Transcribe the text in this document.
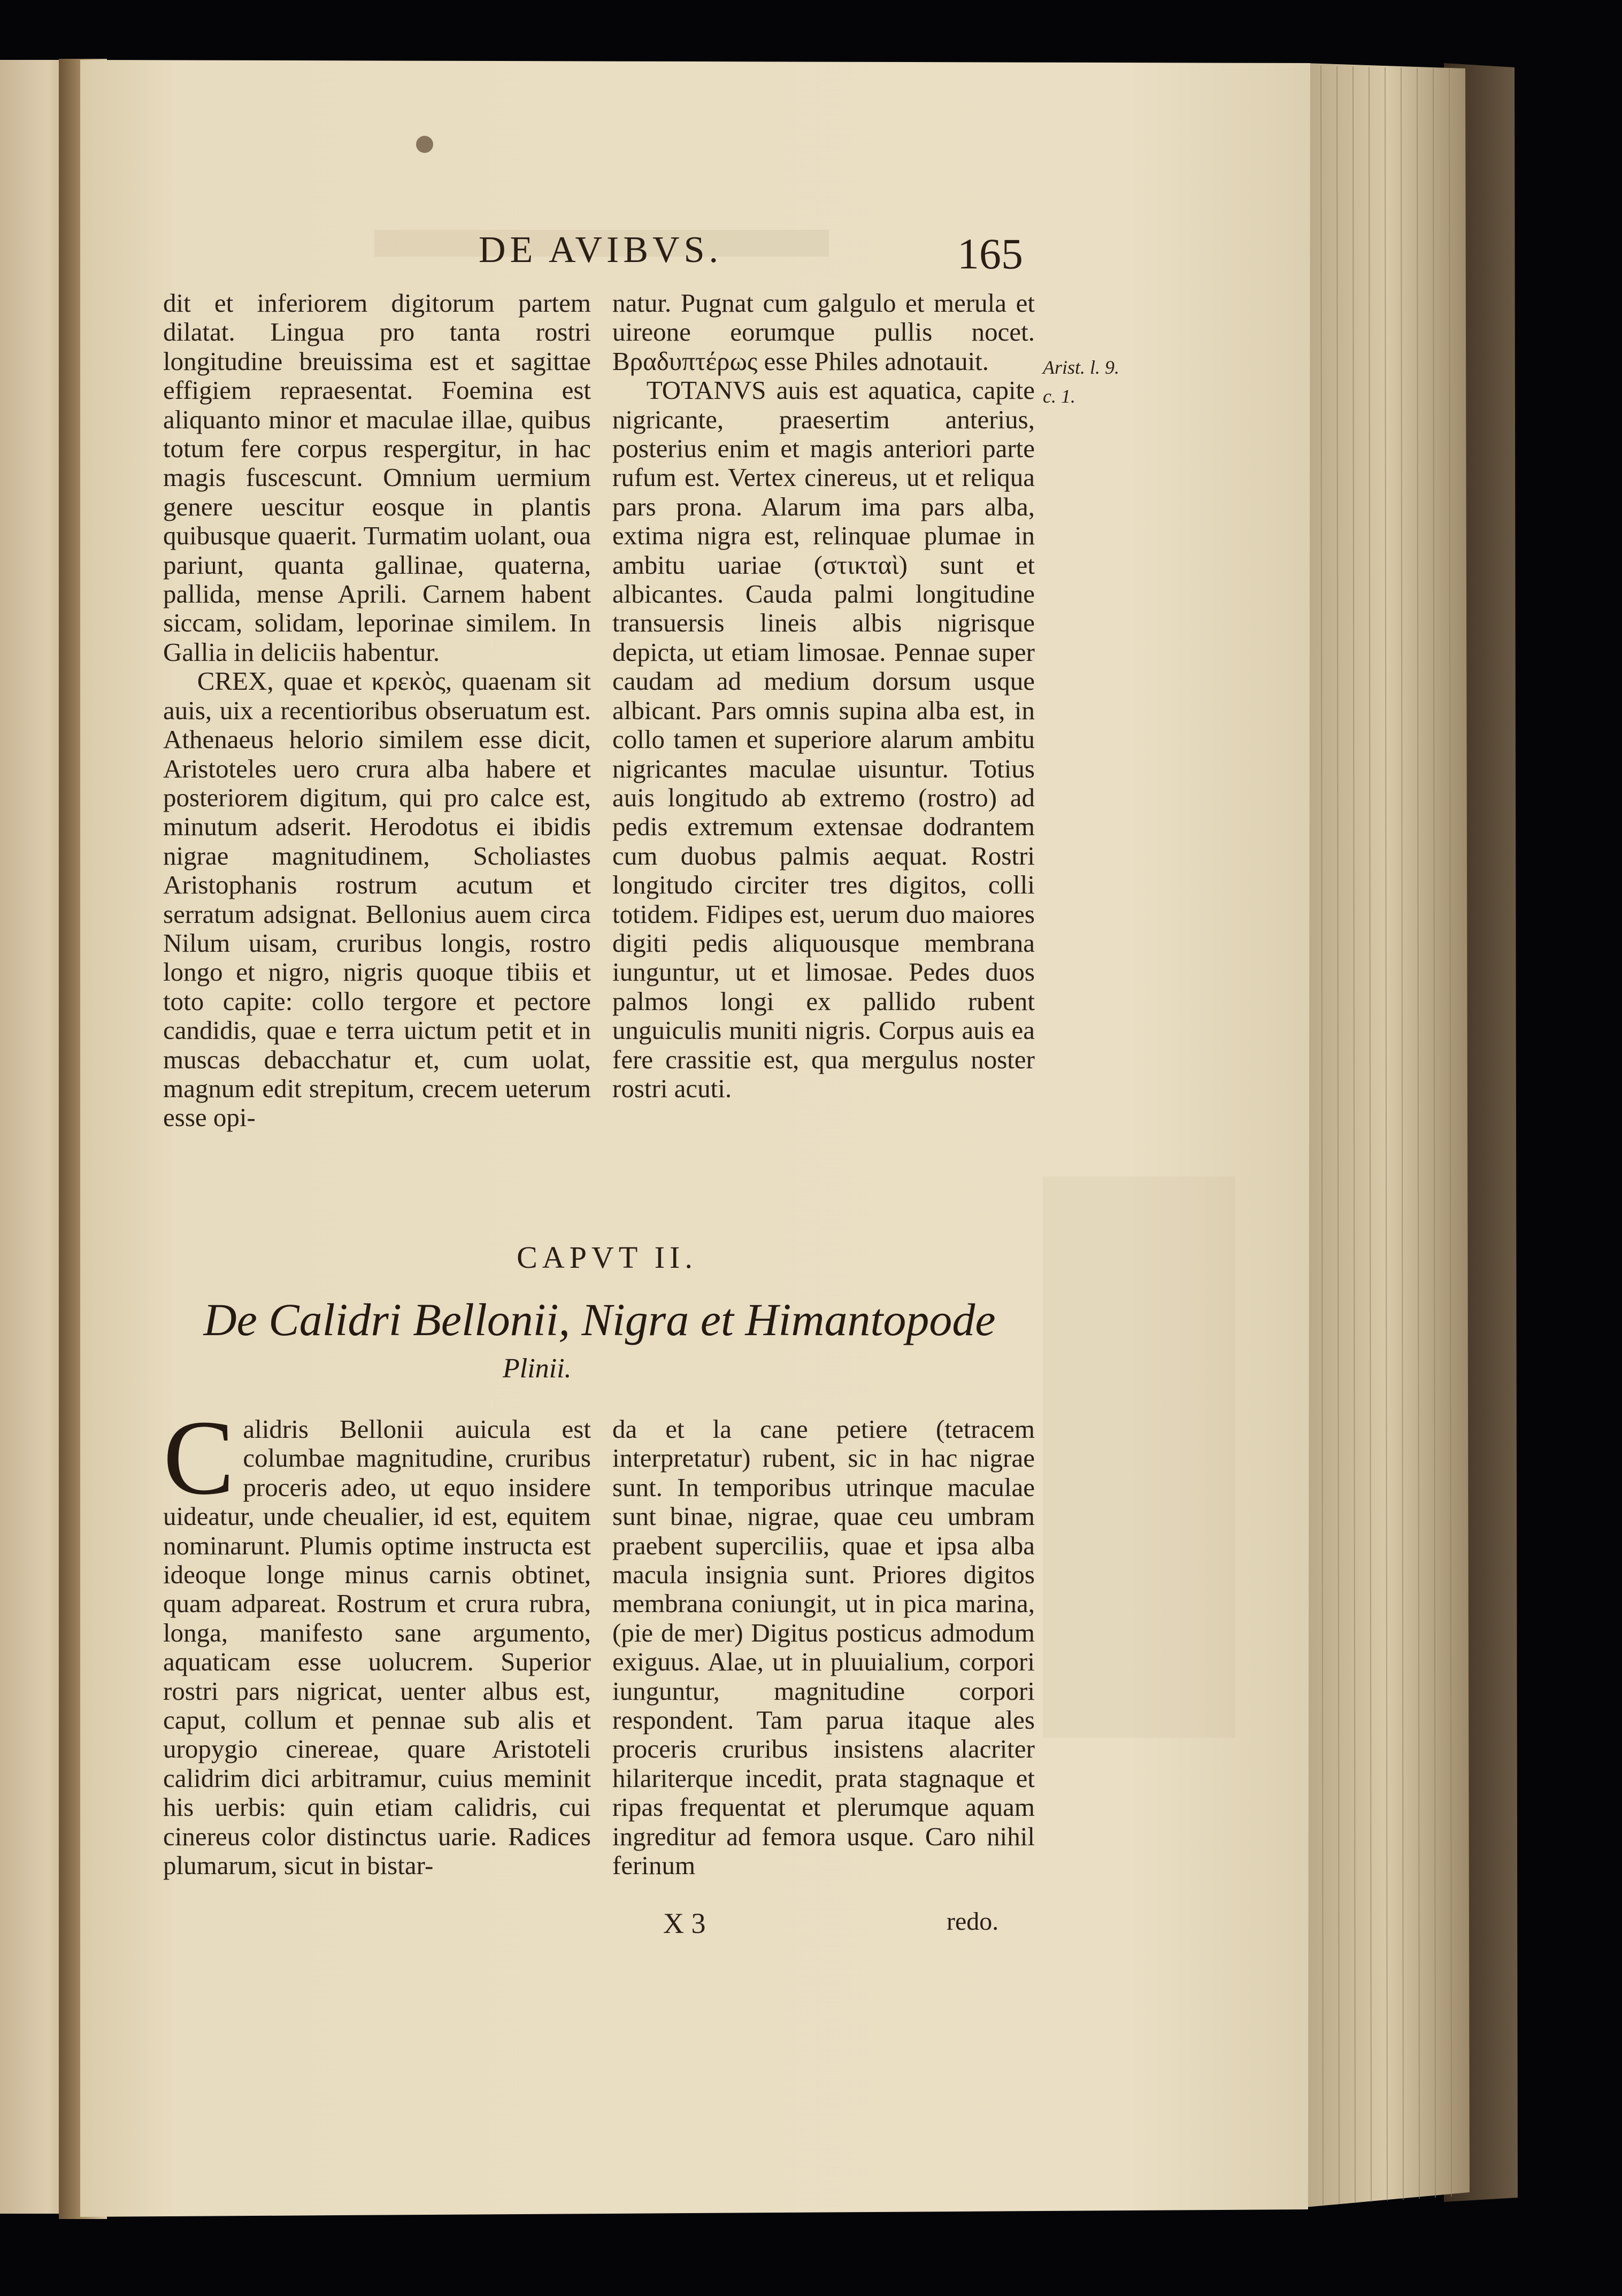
DE AVIBVS.	165

dit et inferiorem digitorum partem dilatat. Lingua pro tanta rostri longitudine breuissima est et sagittae effigiem repraesentat. Foemina est aliquanto minor et maculae illae, quibus totum fere corpus respergitur, in hac magis fuscescunt. Omnium uermium genere uescitur eosque in plantis quibusque quaerit. Turmatim uolant, oua pariunt, quanta gallinae, quaterna, pallida, mense Aprili. Carnem habent siccam, solidam, leporinae similem. In Gallia in deliciis habentur.

CREX, quae et κρεκὸς, quaenam sit auis, uix a recentioribus obseruatum est. Athenaeus helorio similem esse dicit, Aristoteles uero crura alba habere et posteriorem digitum, qui pro calce est, minutum adserit. Herodotus ei ibidis nigrae magnitudinem, Scholiastes Aristophanis rostrum acutum et serratum adsignat. Bellonius auem circa Nilum uisam, cruribus longis, rostro longo et nigro, nigris quoque tibiis et toto capite: collo tergore et pectore candidis, quae e terra uictum petit et in muscas debacchatur et, cum uolat, magnum edit strepitum, crecem ueterum esse opi-

natur. Pugnat cum galgulo et merula et uireone eorumque pullis nocet. Βραδυπτέρως esse Philes adnotauit.

TOTANVS auis est aquatica, capite nigricante, praesertim anterius, posterius enim et magis anteriori parte rufum est. Vertex cinereus, ut et reliqua pars prona. Alarum ima pars alba, extima nigra est, relinquae plumae in ambitu uariae (στικταὶ) sunt et albicantes. Cauda palmi longitudine transuersis lineis albis nigrisque depicta, ut etiam limosae. Pennae super caudam ad medium dorsum usque albicant. Pars omnis supina alba est, in collo tamen et superiore alarum ambitu nigricantes maculae uisuntur. Totius auis longitudo ab extremo (rostro) ad pedis extremum extensae dodrantem cum duobus palmis aequat. Rostri longitudo circiter tres digitos, colli totidem. Fidipes est, uerum duo maiores digiti pedis aliquousque membrana iunguntur, ut et limosae. Pedes duos palmos longi ex pallido rubent unguiculis muniti nigris. Corpus auis ea fere crassitie est, qua mergulus noster rostri acuti.

Arist. l. 9.
c. 1.
CAPVT II.
De Calidri Bellonii, Nigra et Himantopode
Plinii.

Calidris Bellonii auicula est columbae magnitudine, cruribus proceris adeo, ut equo insidere uideatur, unde cheualier, id est, equitem nominarunt. Plumis optime instructa est ideoque longe minus carnis obtinet, quam adpareat. Rostrum et crura rubra, longa, manifesto sane argumento, aquaticam esse uolucrem. Superior rostri pars nigricat, uenter albus est, caput, collum et pennae sub alis et uropygio cinereae, quare Aristoteli calidrim dici arbitramur, cuius meminit his uerbis: quin etiam calidris, cui cinereus color distinctus uarie. Radices plumarum, sicut in bistar-

da et la cane petiere (tetracem interpretatur) rubent, sic in hac nigrae sunt. In temporibus utrinque maculae sunt binae, nigrae, quae ceu umbram praebent superciliis, quae et ipsa alba macula insignia sunt. Priores digitos membrana coniungit, ut in pica marina, (pie de mer) Digitus posticus admodum exiguus. Alae, ut in pluuialium, corpori iunguntur, magnitudine corpori respondent. Tam parua itaque ales proceris cruribus insistens alacriter hilariterque incedit, prata stagnaque et ripas frequentat et plerumque aquam ingreditur ad femora usque. Caro nihil ferinum

X 3	redo.
